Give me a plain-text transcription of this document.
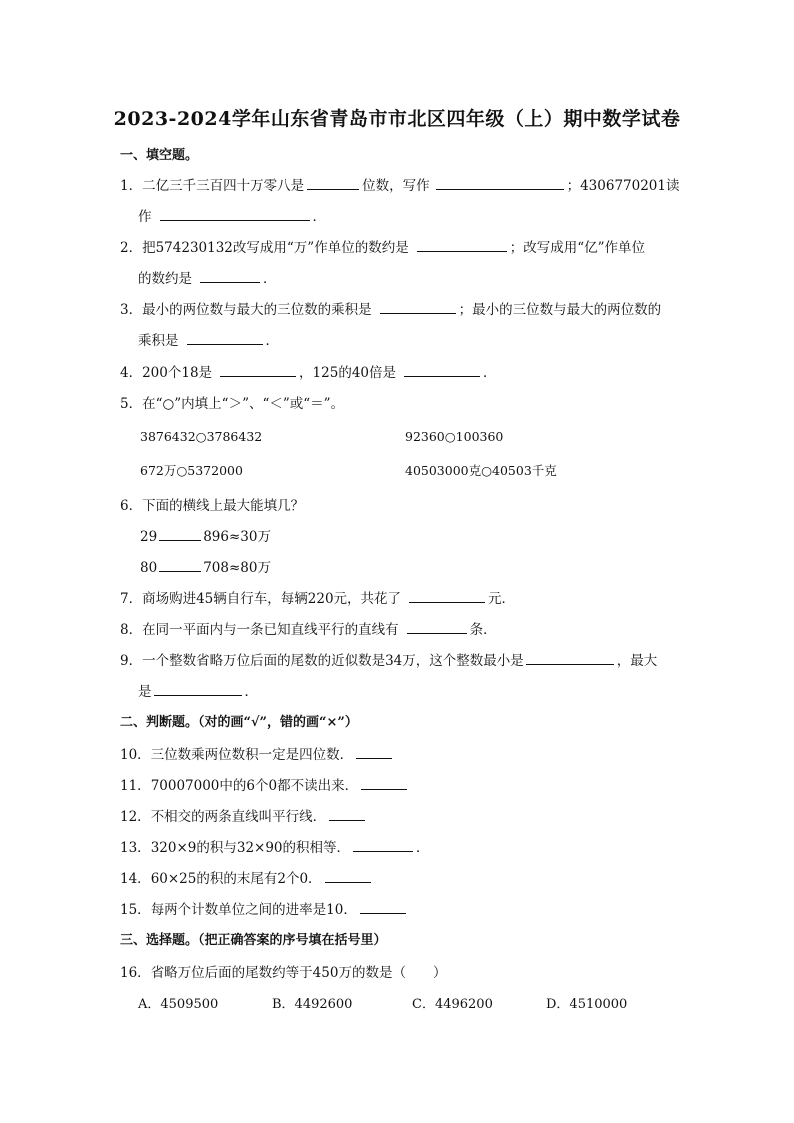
2023-2024学年山东省青岛市市北区四年级（上）期中数学试卷
一、填空题。
1．二亿三千三百四十万零八是	位数，写作	；4306770201读
作	．
2．把574230132改写成用“万”作单位的数约是	；改写成用“亿”作单位
的数约是	．
3．最小的两位数与最大的三位数的乘积是	；最小的三位数与最大的两位数的
乘积是	．
4．200个18是	，125的40倍是	．
5．在“○”内填上“＞”、“＜”或“＝”。
3876432○3786432	92360○100360
672万○5372000	40503000克○40503千克
6．下面的横线上最大能填几？
29	896≈30万
80	708≈80万
7．商场购进45辆自行车，每辆220元，共花了	元．
8．在同一平面内与一条已知直线平行的直线有	条．
9．一个整数省略万位后面的尾数的近似数是34万，这个整数最小是	，最大
是	．
二、判断题。（对的画“√”，错的画“×”）
10．三位数乘两位数积一定是四位数．
11．70007000中的6个0都不读出来．
12．不相交的两条直线叫平行线．
13．320×9的积与32×90的积相等．	．
14．60×25的积的末尾有2个0．
15．每两个计数单位之间的进率是10．
三、选择题。（把正确答案的序号填在括号里）
16．省略万位后面的尾数约等于450万的数是（　　）
A．4509500	B．4492600	C．4496200	D．4510000
